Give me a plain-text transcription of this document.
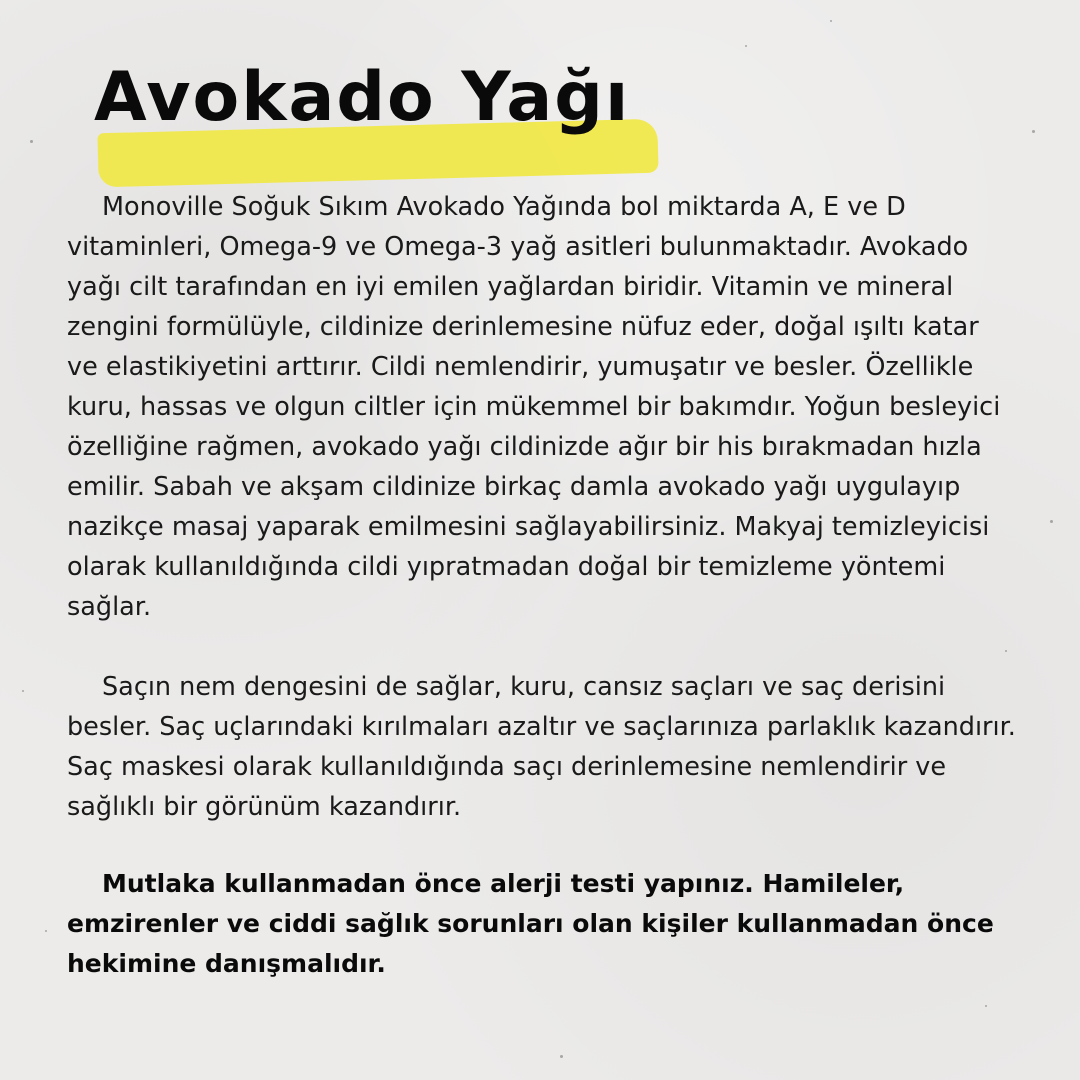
Avokado Yağı

Monoville Soğuk Sıkım Avokado Yağında bol miktarda A, E ve D vitaminleri, Omega-9 ve Omega-3 yağ asitleri bulunmaktadır. Avokado yağı cilt tarafından en iyi emilen yağlardan biridir. Vitamin ve mineral zengini formülüyle, cildinize derinlemesine nüfuz eder, doğal ışıltı katar ve elastikiyetini arttırır. Cildi nemlendirir, yumuşatır ve besler. Özellikle kuru, hassas ve olgun ciltler için mükemmel bir bakımdır. Yoğun besleyici özelliğine rağmen, avokado yağı cildinizde ağır bir his bırakmadan hızla emilir. Sabah ve akşam cildinize birkaç damla avokado yağı uygulayıp nazikçe masaj yaparak emilmesini sağlayabilirsiniz. Makyaj temizleyicisi olarak kullanıldığında cildi yıpratmadan doğal bir temizleme yöntemi sağlar.

Saçın nem dengesini de sağlar, kuru, cansız saçları ve saç derisini besler. Saç uçlarındaki kırılmaları azaltır ve saçlarınıza parlaklık kazandırır. Saç maskesi olarak kullanıldığında saçı derinlemesine nemlendirir ve sağlıklı bir görünüm kazandırır.

Mutlaka kullanmadan önce alerji testi yapınız. Hamileler, emzirenler ve ciddi sağlık sorunları olan kişiler kullanmadan önce hekimine danışmalıdır.
